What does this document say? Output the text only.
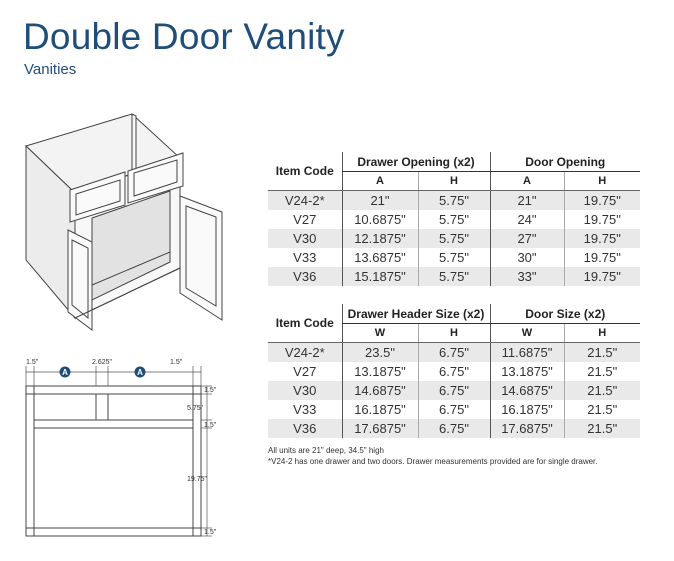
Double Door Vanity

Vanities

A	A
1.5"	2.625"	1.5"
1.5"
5.75"
1.5"
19.75"
1.5"
Item Code	Drawer Opening (x2)		Door Opening	
	A	H	A	H
V24-2*	21"	5.75"	21"	19.75"
V27	10.6875"	5.75"	24"	19.75"
V30	12.1875"	5.75"	27"	19.75"
V33	13.6875"	5.75"	30"	19.75"
V36	15.1875"	5.75"	33"	19.75"
Item Code	Drawer Header Size (x2)		Door Size (x2)	
	W	H	W	H
V24-2*	23.5"	6.75"	11.6875"	21.5"
V27	13.1875"	6.75"	13.1875"	21.5"
V30	14.6875"	6.75"	14.6875"	21.5"
V33	16.1875"	6.75"	16.1875"	21.5"
V36	17.6875"	6.75"	17.6875"	21.5"

All units are 21" deep, 34.5" high

*V24-2 has one drawer and two doors. Drawer measurements provided are for single drawer.
